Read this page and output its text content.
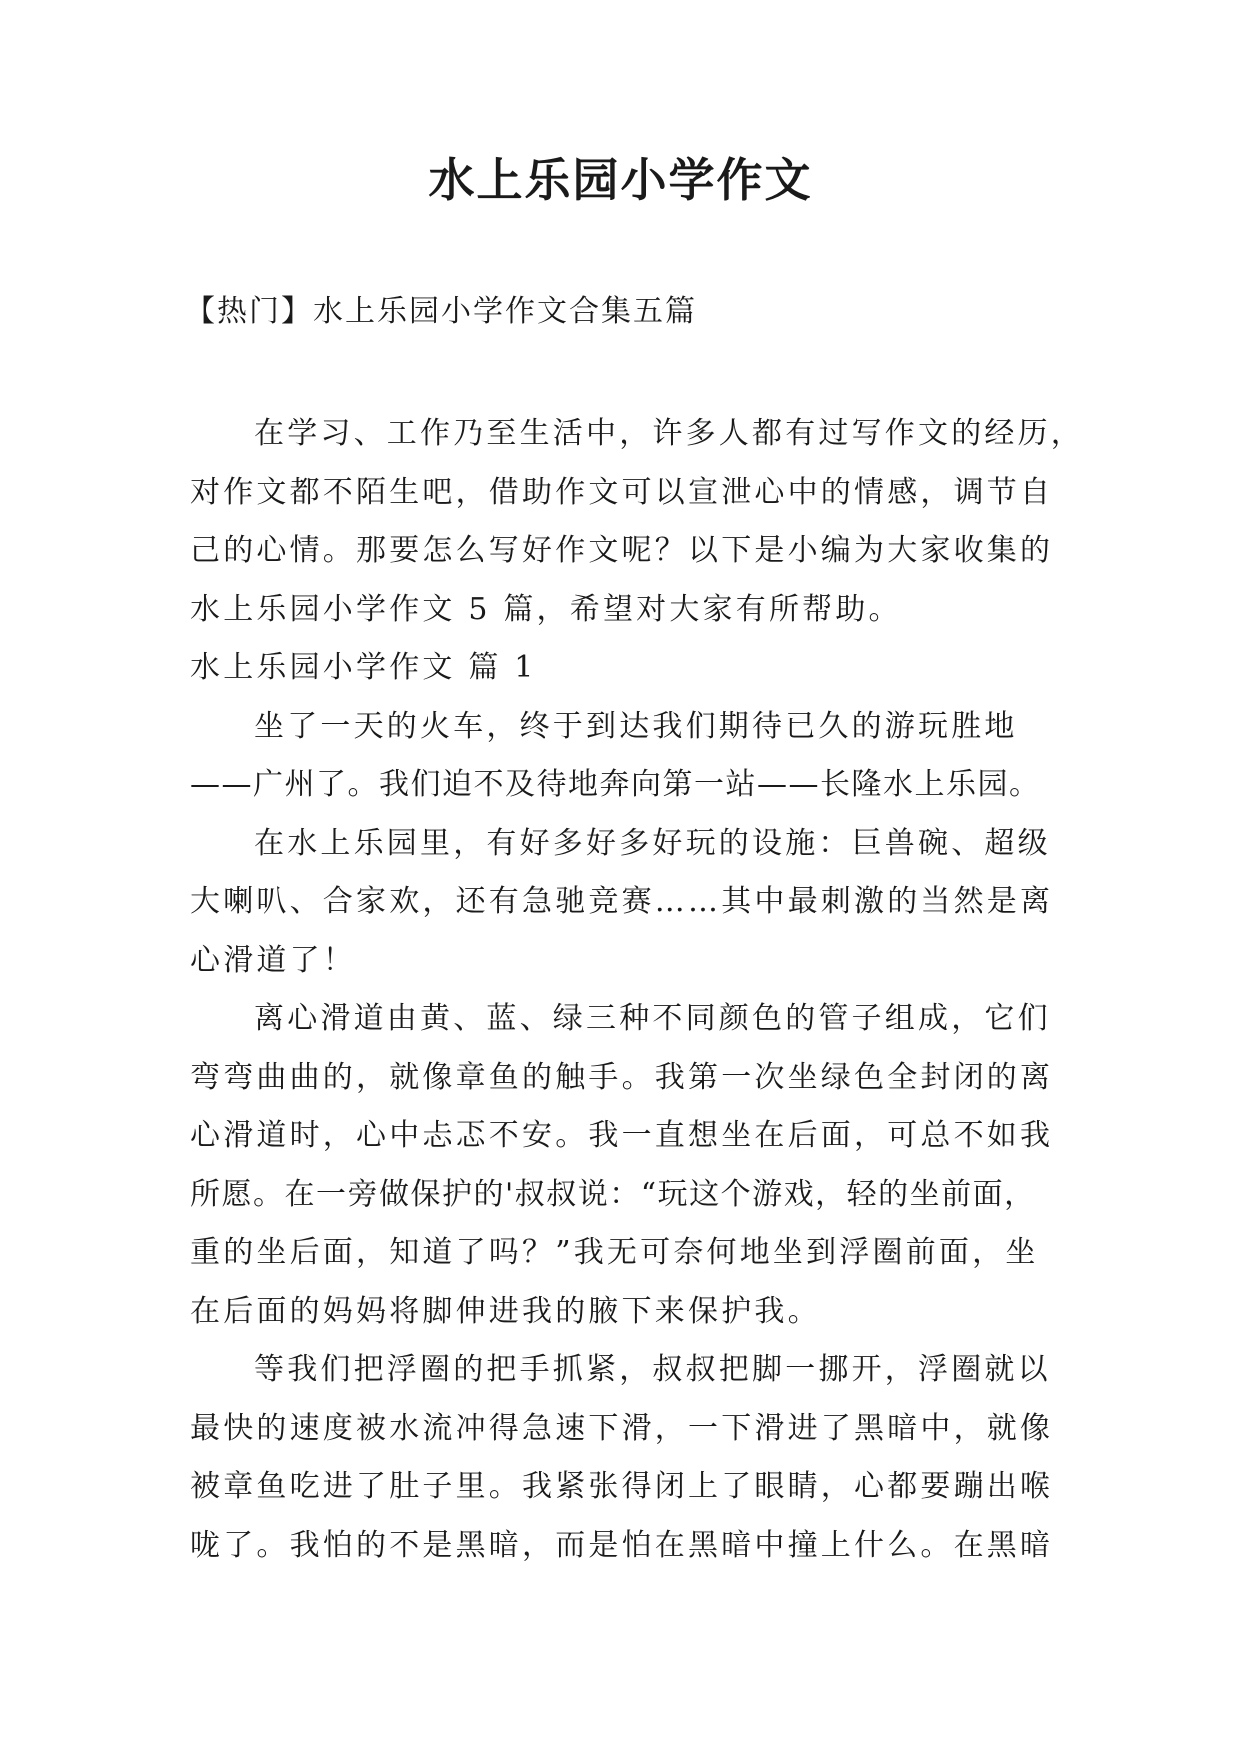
水上乐园小学作文
【热门】水上乐园小学作文合集五篇
在学习、工作乃至生活中，许多人都有过写作文的经历，
对作文都不陌生吧，借助作文可以宣泄心中的情感，调节自
己的心情。那要怎么写好作文呢？以下是小编为大家收集的
水上乐园小学作文 5 篇，希望对大家有所帮助。
水上乐园小学作文 篇 1
坐了一天的火车，终于到达我们期待已久的游玩胜地
——广州了。我们迫不及待地奔向第一站——长隆水上乐园。
在水上乐园里，有好多好多好玩的设施：巨兽碗、超级
大喇叭、合家欢，还有急驰竞赛……其中最刺激的当然是离
心滑道了！
离心滑道由黄、蓝、绿三种不同颜色的管子组成，它们
弯弯曲曲的，就像章鱼的触手。我第一次坐绿色全封闭的离
心滑道时，心中忐忑不安。我一直想坐在后面，可总不如我
所愿。在一旁做保护的'叔叔说：“玩这个游戏，轻的坐前面，
重的坐后面，知道了吗？”我无可奈何地坐到浮圈前面，坐
在后面的妈妈将脚伸进我的腋下来保护我。
等我们把浮圈的把手抓紧，叔叔把脚一挪开，浮圈就以
最快的速度被水流冲得急速下滑，一下滑进了黑暗中，就像
被章鱼吃进了肚子里。我紧张得闭上了眼睛，心都要蹦出喉
咙了。我怕的不是黑暗，而是怕在黑暗中撞上什么。在黑暗
